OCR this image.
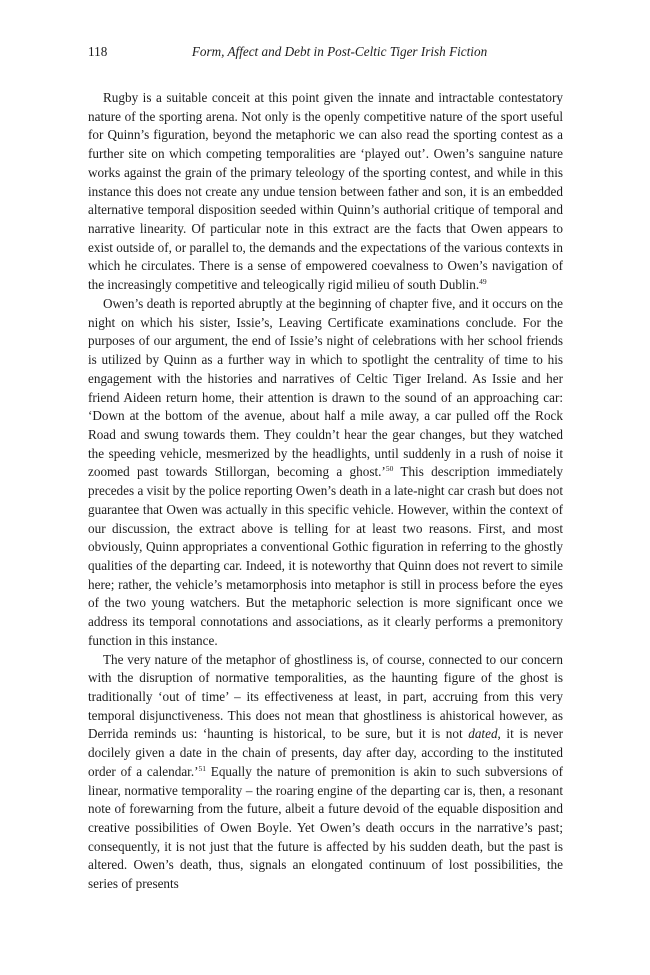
118	Form, Affect and Debt in Post-Celtic Tiger Irish Fiction

Rugby is a suitable conceit at this point given the innate and intractable contestatory nature of the sporting arena. Not only is the openly competitive nature of the sport useful for Quinn’s figuration, beyond the metaphoric we can also read the sporting contest as a further site on which competing temporalities are ‘played out’. Owen’s sanguine nature works against the grain of the primary teleology of the sporting contest, and while in this instance this does not create any undue tension between father and son, it is an embedded alternative temporal disposition seeded within Quinn’s authorial critique of temporal and narrative linearity. Of particular note in this extract are the facts that Owen appears to exist outside of, or parallel to, the demands and the expectations of the various contexts in which he circulates. There is a sense of empowered coevalness to Owen’s navigation of the increasingly competitive and teleogically rigid milieu of south Dublin.$^{49}$

Owen’s death is reported abruptly at the beginning of chapter five, and it occurs on the night on which his sister, Issie’s, Leaving Certificate examinations conclude. For the purposes of our argument, the end of Issie’s night of celebrations with her school friends is utilized by Quinn as a further way in which to spotlight the centrality of time to his engagement with the histories and narratives of Celtic Tiger Ireland. As Issie and her friend Aideen return home, their attention is drawn to the sound of an approaching car: ‘Down at the bottom of the avenue, about half a mile away, a car pulled off the Rock Road and swung towards them. They couldn’t hear the gear changes, but they watched the speeding vehicle, mesmerized by the headlights, until suddenly in a rush of noise it zoomed past towards Stillorgan, becoming a ghost.’$^{50}$ This description immediately precedes a visit by the police reporting Owen’s death in a late-night car crash but does not guarantee that Owen was actually in this specific vehicle. However, within the context of our discussion, the extract above is telling for at least two reasons. First, and most obviously, Quinn appropriates a conventional Gothic figuration in referring to the ghostly qualities of the departing car. Indeed, it is noteworthy that Quinn does not revert to simile here; rather, the vehicle’s metamorphosis into metaphor is still in process before the eyes of the two young watchers. But the metaphoric selection is more significant once we address its temporal connotations and associations, as it clearly performs a premonitory function in this instance.

The very nature of the metaphor of ghostliness is, of course, connected to our concern with the disruption of normative temporalities, as the haunting figure of the ghost is traditionally ‘out of time’ – its effectiveness at least, in part, accruing from this very temporal disjunctiveness. This does not mean that ghostliness is ahistorical however, as Derrida reminds us: ‘haunting is historical, to be sure, but it is not dated, it is never docilely given a date in the chain of presents, day after day, according to the instituted order of a calendar.’$^{51}$ Equally the nature of premonition is akin to such subversions of linear, normative temporality – the roaring engine of the departing car is, then, a resonant note of forewarning from the future, albeit a future devoid of the equable disposition and creative possibilities of Owen Boyle. Yet Owen’s death occurs in the narrative’s past; consequently, it is not just that the future is affected by his sudden death, but the past is altered. Owen’s death, thus, signals an elongated continuum of lost possibilities, the series of presents
